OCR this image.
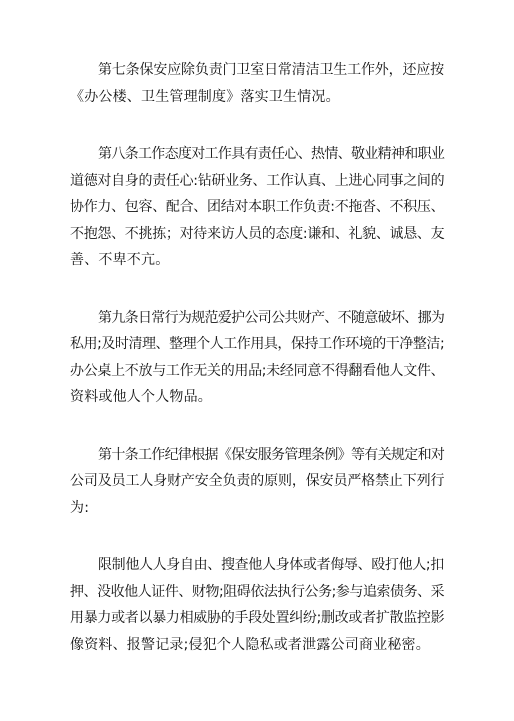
第七条保安应除负责门卫室日常清洁卫生工作外，还应按
《办公楼、卫生管理制度》落实卫生情况。

第八条工作态度对工作具有责任心、热情、敬业精神和职业
道德对自身的责任心:钻研业务、工作认真、上进心同事之间的
协作力、包容、配合、团结对本职工作负责:不拖沓、不积压、
不抱怨、不挑拣；对待来访人员的态度:谦和、礼貌、诚恳、友
善、不卑不亢。

第九条日常行为规范爱护公司公共财产、不随意破坏、挪为
私用;及时清理、整理个人工作用具，保持工作环境的干净整洁;
办公桌上不放与工作无关的用品;未经同意不得翻看他人文件、
资料或他人个人物品。

第十条工作纪律根据《保安服务管理条例》等有关规定和对
公司及员工人身财产安全负责的原则，保安员严格禁止下列行
为:

限制他人人身自由、搜查他人身体或者侮辱、殴打他人;扣
押、没收他人证件、财物;阻碍依法执行公务;参与追索债务、采
用暴力或者以暴力相威胁的手段处置纠纷;删改或者扩散监控影
像资料、报警记录;侵犯个人隐私或者泄露公司商业秘密。
